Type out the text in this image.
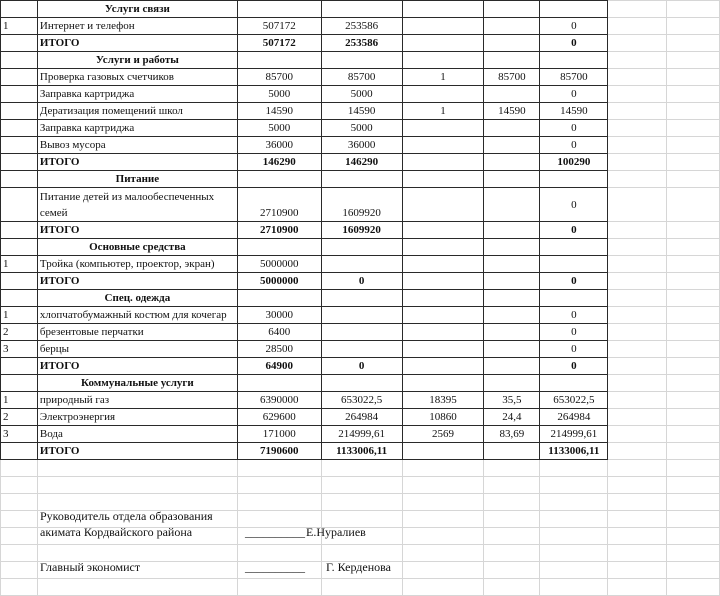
	Услуги связи							
1	Интернет и телефон	507172	253586			0		
	ИТОГО	507172	253586			0		
	Услуги и работы							
	Проверка газовых счетчиков	85700	85700	1	85700	85700		
	Заправка картриджа	5000	5000			0		
	Дератизация помещений школ	14590	14590	1	14590	14590		
	Заправка картриджа	5000	5000			0		
	Вывоз мусора	36000	36000			0		
	ИТОГО	146290	146290			100290		
	Питание							
	Питание детей из малообеспеченных семей	2710900	1609920			0		
	ИТОГО	2710900	1609920			0		
	Основные средства							
1	Тройка (компьютер, проектор, экран)	5000000						
	ИТОГО	5000000	0			0		
	Спец. одежда							
1	хлопчатобумажный костюм для кочегар	30000				0		
2	брезентовые перчатки	6400				0		
3	берцы	28500				0		
	ИТОГО	64900	0			0		
	Коммунальные услуги							
1	природный газ	6390000	653022,5	18395	35,5	653022,5		
2	Электроэнергия	629600	264984	10860	24,4	264984		
3	Вода	171000	214999,61	2569	83,69	214999,61		
	ИТОГО	7190600	1133006,11			1133006,11		

Руководитель отдела образования
акимата Кордвайского района	__________ Е.Нуралиев
Главный экономист	__________ Г. Керденова
